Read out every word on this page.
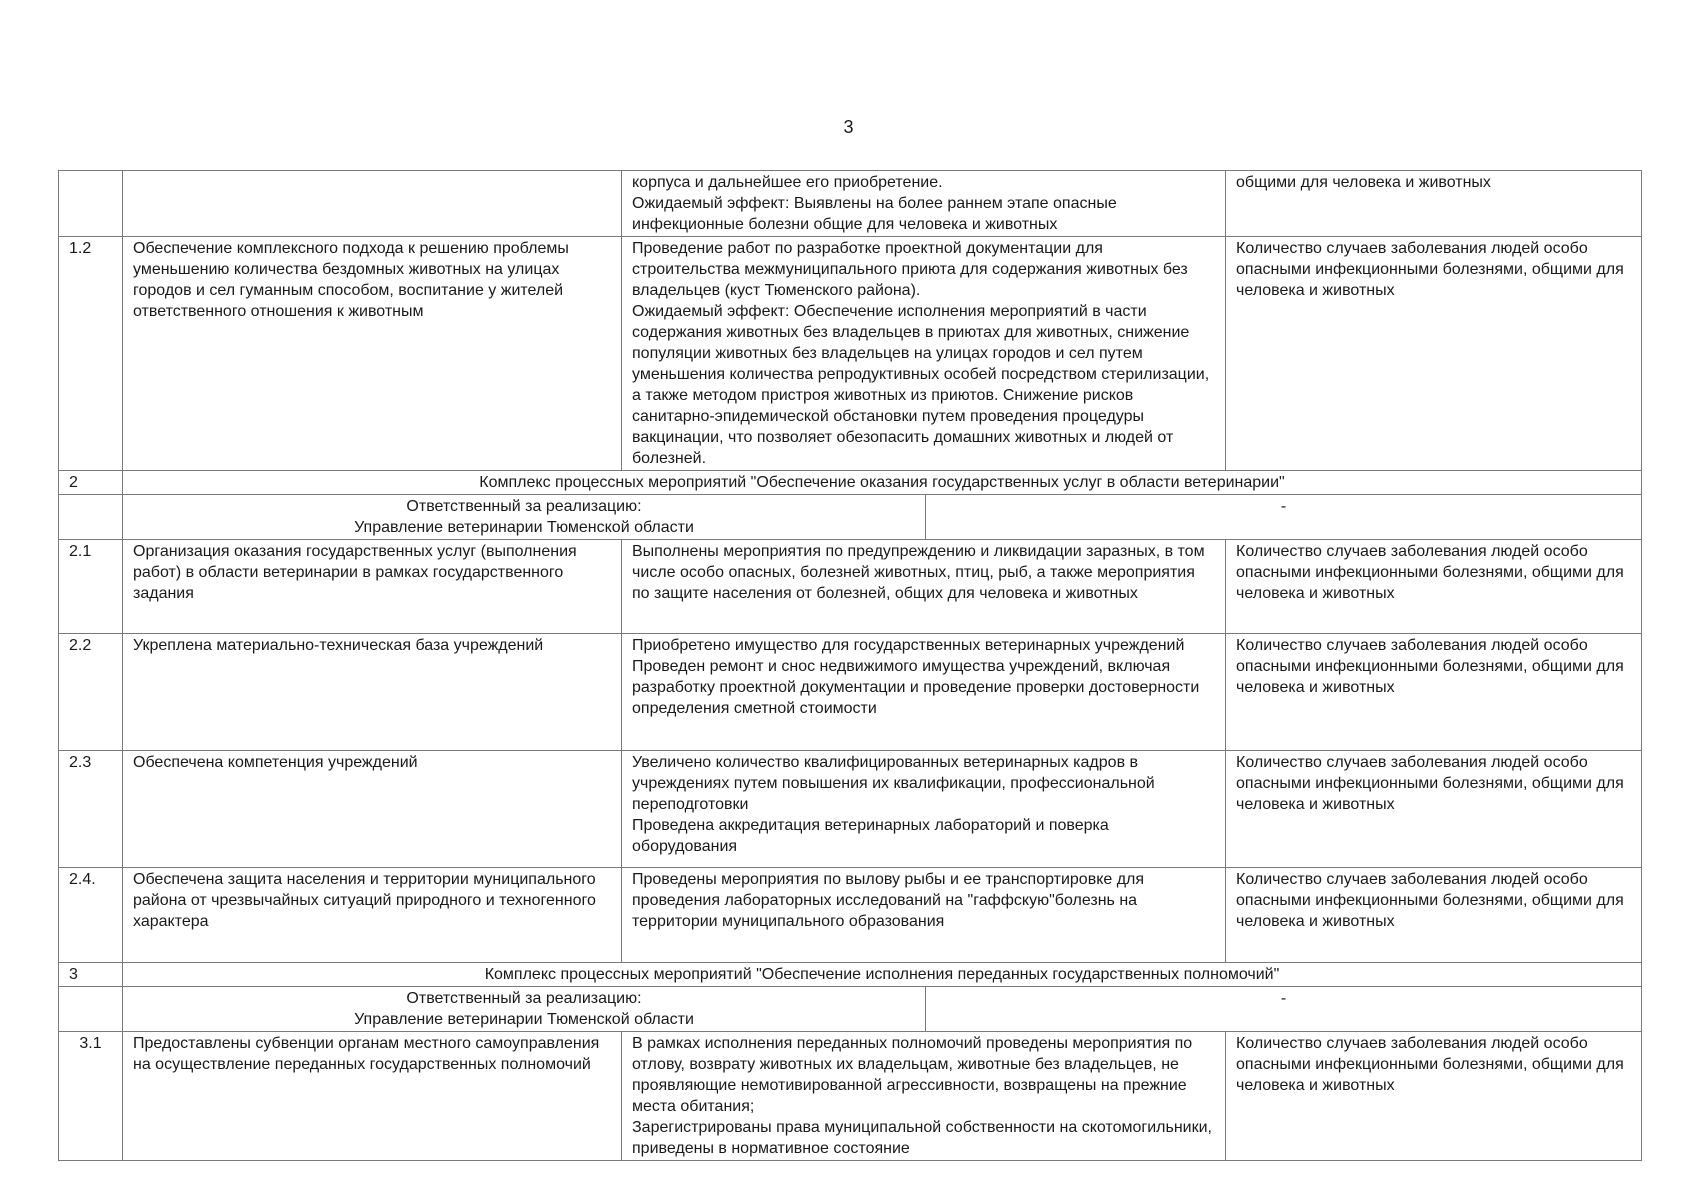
3
		корпуса и дальнейшее его приобретение.
Ожидаемый эффект: Выявлены на более раннем этапе опасные инфекционные болезни общие для человека и животных		общими для человека и животных
1.2	Обеспечение комплексного подхода к решению проблемы уменьшению количества бездомных животных на улицах городов и сел гуманным способом, воспитание у жителей ответственного отношения к животным	Проведение работ по разработке проектной документации для строительства межмуниципального приюта для содержания животных без владельцев (куст Тюменского района).
Ожидаемый эффект: Обеспечение исполнения мероприятий в части содержания животных без владельцев в приютах для животных, снижение популяции животных без владельцев на улицах городов и сел путем уменьшения количества репродуктивных особей посредством стерилизации, а также методом пристроя животных из приютов. Снижение рисков санитарно-эпидемической обстановки путем проведения процедуры вакцинации, что позволяет обезопасить домашних животных и людей от болезней.		Количество случаев заболевания людей особо опасными инфекционными болезнями, общими для человека и животных
2	Комплекс процессных мероприятий "Обеспечение оказания государственных услуг в области ветеринарии"			
	Ответственный за реализацию:
Управление ветеринарии Тюменской области		-	
2.1	Организация оказания государственных услуг (выполнения работ) в области ветеринарии в рамках государственного задания	Выполнены мероприятия по предупреждению и ликвидации заразных, в том числе особо опасных, болезней животных, птиц, рыб, а также мероприятия по защите населения от болезней, общих для человека и животных		Количество случаев заболевания людей особо опасными инфекционными болезнями, общими для человека и животных
2.2	Укреплена материально-техническая база учреждений	Приобретено имущество для государственных ветеринарных учреждений
Проведен ремонт и снос недвижимого имущества учреждений, включая разработку проектной документации и проведение проверки достоверности определения сметной стоимости		Количество случаев заболевания людей особо опасными инфекционными болезнями, общими для человека и животных
2.3	Обеспечена компетенция учреждений	Увеличено количество квалифицированных ветеринарных кадров в учреждениях путем повышения их квалификации, профессиональной переподготовки
Проведена аккредитация ветеринарных лабораторий и поверка оборудования		Количество случаев заболевания людей особо опасными инфекционными болезнями, общими для человека и животных
2.4.	Обеспечена защита населения и территории муниципального района от чрезвычайных ситуаций природного и техногенного характера	Проведены мероприятия по вылову рыбы и ее транспортировке для проведения лабораторных исследований на "гаффскую"болезнь на территории муниципального образования		Количество случаев заболевания людей особо опасными инфекционными болезнями, общими для человека и животных
3	Комплекс процессных мероприятий "Обеспечение исполнения переданных государственных полномочий"			
	Ответственный за реализацию:
Управление ветеринарии Тюменской области		-	
3.1	Предоставлены субвенции органам местного самоуправления на осуществление переданных государственных полномочий	В рамках исполнения переданных полномочий проведены мероприятия по отлову, возврату животных их владельцам, животные без владельцев, не проявляющие немотивированной агрессивности, возвращены на прежние места обитания;
Зарегистрированы права муниципальной собственности на скотомогильники, приведены в нормативное состояние		Количество случаев заболевания людей особо опасными инфекционными болезнями, общими для человека и животных
